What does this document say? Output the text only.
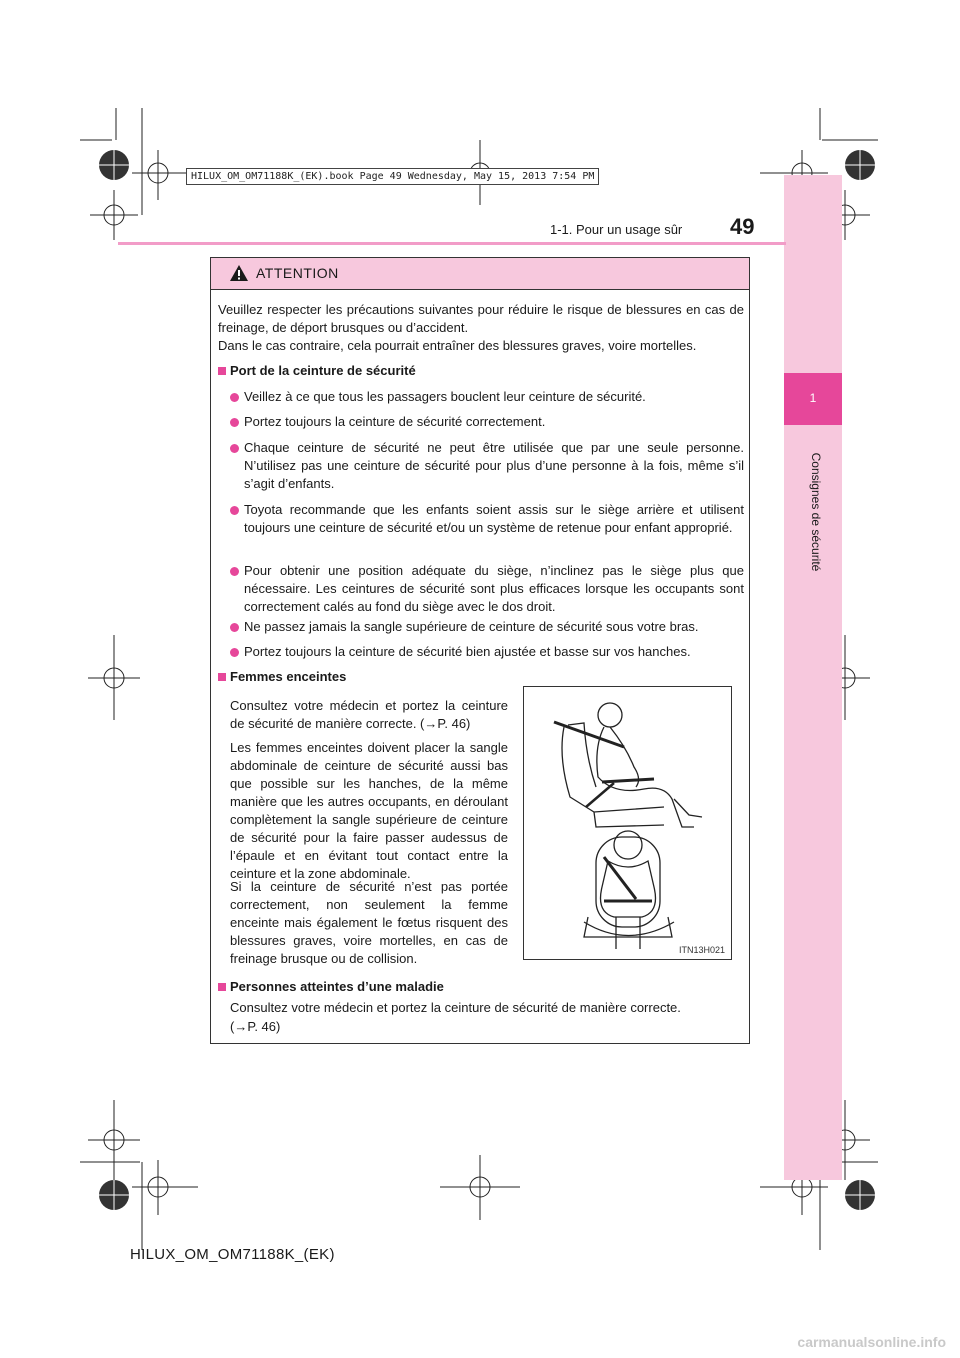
HILUX_OM_OM71188K_(EK).book Page 49 Wednesday, May 15, 2013 7:54 PM
1
Consignes de sécurité
1-1. Pour un usage sûr 49
ATTENTION
Veuillez respecter les précautions suivantes pour réduire le risque de blessures en cas de freinage, de déport brusques ou d’accident.
Dans le cas contraire, cela pourrait entraîner des blessures graves, voire mortelles.
Port de la ceinture de sécurité
Veillez à ce que tous les passagers bouclent leur ceinture de sécurité.
Portez toujours la ceinture de sécurité correctement.
Chaque ceinture de sécurité ne peut être utilisée que par une seule personne. N’utilisez pas une ceinture de sécurité pour plus d’une personne à la fois, même s’il s’agit d’enfants.
Toyota recommande que les enfants soient assis sur le siège arrière et utilisent toujours une ceinture de sécurité et/ou un système de retenue pour enfant approprié.
Pour obtenir une position adéquate du siège, n’inclinez pas le siège plus que nécessaire. Les ceintures de sécurité sont plus efficaces lorsque les occupants sont correctement calés au fond du siège avec le dos droit.
Ne passez jamais la sangle supérieure de ceinture de sécurité sous votre bras.
Portez toujours la ceinture de sécurité bien ajustée et basse sur vos hanches.
Femmes enceintes
Consultez votre médecin et portez la ceinture de sécurité de manière correcte. (→P. 46)
Les femmes enceintes doivent placer la sangle abdominale de ceinture de sécurité aussi bas que possible sur les hanches, de la même manière que les autres occupants, en déroulant complètement la sangle supérieure de ceinture de sécurité pour la faire passer audessus de l’épaule et en évitant tout contact entre la ceinture et la zone abdominale.
Si la ceinture de sécurité n’est pas portée correctement, non seulement la femme enceinte mais également le fœtus risquent des blessures graves, voire mortelles, en cas de freinage brusque ou de collision.
Personnes atteintes d’une maladie
Consultez votre médecin et portez la ceinture de sécurité de manière correcte.
(→P. 46)
ITN13H021
HILUX_OM_OM71188K_(EK)
carmanualsonline.info
